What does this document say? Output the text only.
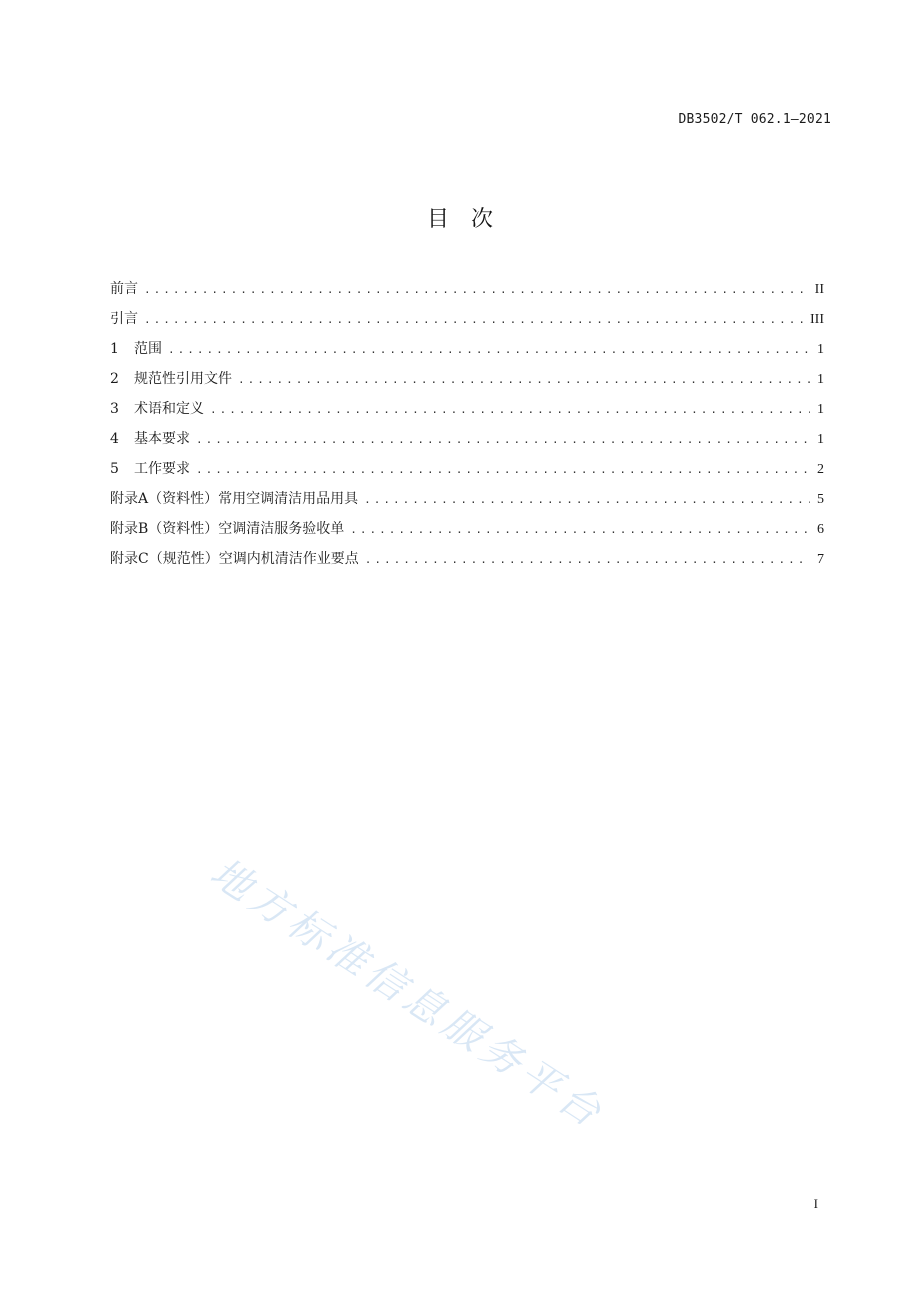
DB3502/T 062.1—2021
目次
前言 .....	II
引言 .....	III
1	范围 .....	1
2	规范性引用文件 .....	1
3	术语和定义 .....	1
4	基本要求 .....	1
5	工作要求 .....	2
附录A （资料性） 常用空调清洁用品用具 .....	5
附录B （资料性） 空调清洁服务验收单 .....	6
附录C （规范性） 空调内机清洁作业要点 .....	7
地方标准信息服务平台
I
